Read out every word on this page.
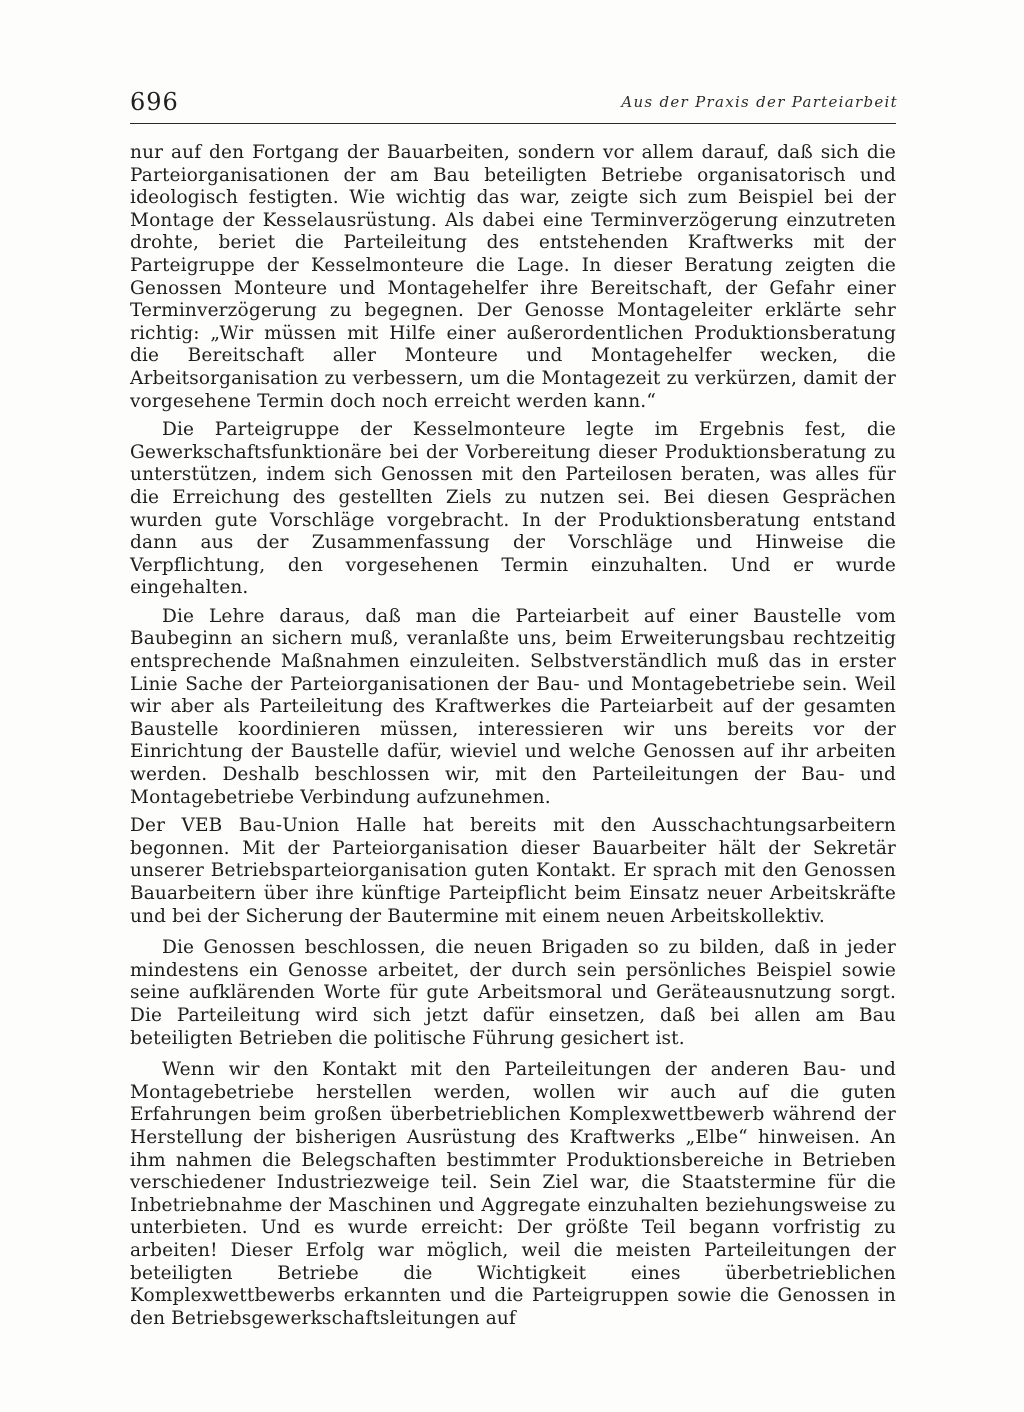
696	Aus der Praxis der Parteiarbeit

nur auf den Fortgang der Bauarbeiten, sondern vor allem darauf, daß sich die Parteiorganisationen der am Bau beteiligten Betriebe organisatorisch und ideologisch festigten. Wie wichtig das war, zeigte sich zum Beispiel bei der Montage der Kesselausrüstung. Als dabei eine Terminverzögerung einzutreten drohte, beriet die Parteileitung des entstehenden Kraftwerks mit der Parteigruppe der Kesselmonteure die Lage. In dieser Beratung zeigten die Genossen Monteure und Montagehelfer ihre Bereitschaft, der Gefahr einer Terminverzögerung zu begegnen. Der Genosse Montageleiter erklärte sehr richtig: „Wir müssen mit Hilfe einer außerordentlichen Produktionsberatung die Bereitschaft aller Monteure und Montagehelfer wecken, die Arbeitsorganisation zu verbessern, um die Montagezeit zu verkürzen, damit der vorgesehene Termin doch noch erreicht werden kann.“

Die Parteigruppe der Kesselmonteure legte im Ergebnis fest, die Gewerkschaftsfunktionäre bei der Vorbereitung dieser Produktionsberatung zu unterstützen, indem sich Genossen mit den Parteilosen beraten, was alles für die Erreichung des gestellten Ziels zu nutzen sei. Bei diesen Gesprächen wurden gute Vorschläge vorgebracht. In der Produktionsberatung entstand dann aus der Zusammenfassung der Vorschläge und Hinweise die Verpflichtung, den vorgesehenen Termin einzuhalten. Und er wurde eingehalten.

Die Lehre daraus, daß man die Parteiarbeit auf einer Baustelle vom Baubeginn an sichern muß, veranlaßte uns, beim Erweiterungsbau rechtzeitig entsprechende Maßnahmen einzuleiten. Selbstverständlich muß das in erster Linie Sache der Parteiorganisationen der Bau- und Montagebetriebe sein. Weil wir aber als Parteileitung des Kraftwerkes die Parteiarbeit auf der gesamten Baustelle koordinieren müssen, interessieren wir uns bereits vor der Einrichtung der Baustelle dafür, wieviel und welche Genossen auf ihr arbeiten werden. Deshalb beschlossen wir, mit den Parteileitungen der Bau- und Montagebetriebe Verbindung aufzunehmen.

Der VEB Bau-Union Halle hat bereits mit den Ausschachtungsarbeitern begonnen. Mit der Parteiorganisation dieser Bauarbeiter hält der Sekretär unserer Betriebsparteiorganisation guten Kontakt. Er sprach mit den Genossen Bauarbeitern über ihre künftige Parteipflicht beim Einsatz neuer Arbeitskräfte und bei der Sicherung der Bautermine mit einem neuen Arbeitskollektiv.

Die Genossen beschlossen, die neuen Brigaden so zu bilden, daß in jeder mindestens ein Genosse arbeitet, der durch sein persönliches Beispiel sowie seine aufklärenden Worte für gute Arbeitsmoral und Geräteausnutzung sorgt. Die Parteileitung wird sich jetzt dafür einsetzen, daß bei allen am Bau beteiligten Betrieben die politische Führung gesichert ist.

Wenn wir den Kontakt mit den Parteileitungen der anderen Bau- und Montagebetriebe herstellen werden, wollen wir auch auf die guten Erfahrungen beim großen überbetrieblichen Komplexwettbewerb während der Herstellung der bisherigen Ausrüstung des Kraftwerks „Elbe“ hinweisen. An ihm nahmen die Belegschaften bestimmter Produktionsbereiche in Betrieben verschiedener Industriezweige teil. Sein Ziel war, die Staatstermine für die Inbetriebnahme der Maschinen und Aggregate einzuhalten beziehungsweise zu unterbieten. Und es wurde erreicht: Der größte Teil begann vorfristig zu arbeiten! Dieser Erfolg war möglich, weil die meisten Parteileitungen der beteiligten Betriebe die Wichtigkeit eines überbetrieblichen Komplexwettbewerbs erkannten und die Parteigruppen sowie die Genossen in den Betriebsgewerkschaftsleitungen auf
